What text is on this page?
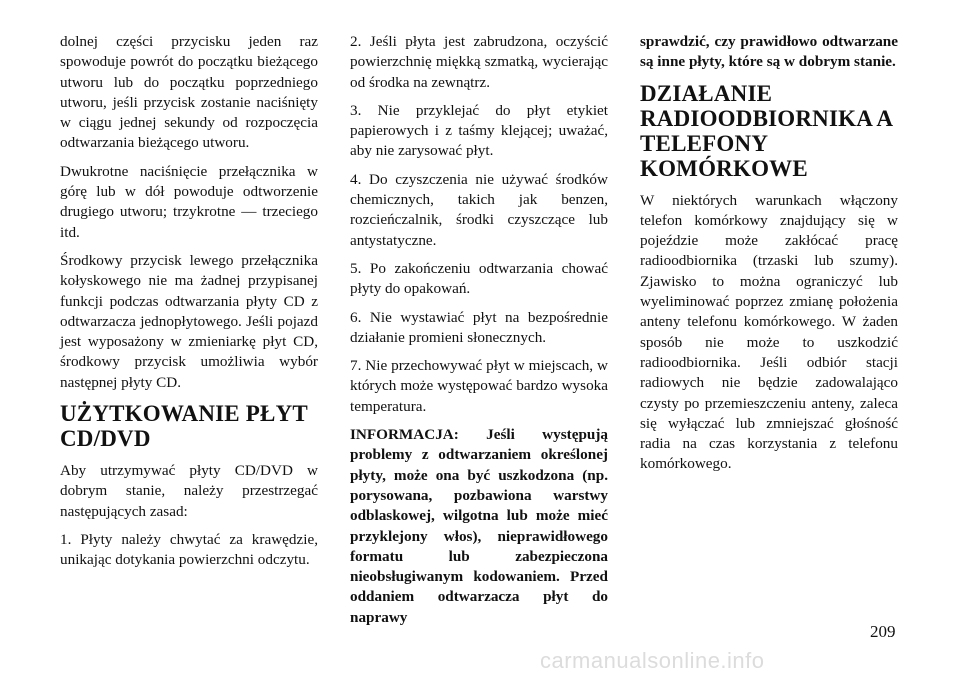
dolnej części przycisku jeden raz spowoduje powrót do początku bieżącego utworu lub do początku poprzedniego utworu, jeśli przycisk zostanie naciśnięty w ciągu jednej sekundy od rozpoczęcia odtwarzania bieżącego utworu.

Dwukrotne naciśnięcie przełącznika w górę lub w dół powoduje odtworzenie drugiego utworu; trzykrotne — trzeciego itd.

Środkowy przycisk lewego przełącznika kołyskowego nie ma żadnej przypisanej funkcji podczas odtwarzania płyty CD z odtwarzacza jednopłytowego. Jeśli pojazd jest wyposażony w zmieniarkę płyt CD, środkowy przycisk umożliwia wybór następnej płyty CD.

UŻYTKOWANIE PŁYT CD/DVD

Aby utrzymywać płyty CD/DVD w dobrym stanie, należy przestrzegać następujących zasad:

1. Płyty należy chwytać za krawędzie, unikając dotykania powierzchni odczytu.

2. Jeśli płyta jest zabrudzona, oczyścić powierzchnię miękką szmatką, wycierając od środka na zewnątrz.

3. Nie przyklejać do płyt etykiet papierowych i z taśmy klejącej; uważać, aby nie zarysować płyt.

4. Do czyszczenia nie używać środków chemicznych, takich jak benzen, rozcieńczalnik, środki czyszczące lub antystatyczne.

5. Po zakończeniu odtwarzania chować płyty do opakowań.

6. Nie wystawiać płyt na bezpośrednie działanie promieni słonecznych.

7. Nie przechowywać płyt w miejscach, w których może występować bardzo wysoka temperatura.

INFORMACJA: Jeśli występują problemy z odtwarzaniem określonej płyty, może ona być uszkodzona (np. porysowana, pozbawiona warstwy odblaskowej, wilgotna lub może mieć przyklejony włos), nieprawidłowego formatu lub zabezpieczona nieobsługiwanym kodowaniem. Przed oddaniem odtwarzacza płyt do naprawy

sprawdzić, czy prawidłowo odtwarzane są inne płyty, które są w dobrym stanie.

DZIAŁANIE RADIOODBIORNIKA A TELEFONY KOMÓRKOWE

W niektórych warunkach włączony telefon komórkowy znajdujący się w pojeździe może zakłócać pracę radioodbiornika (trzaski lub szumy). Zjawisko to można ograniczyć lub wyeliminować poprzez zmianę położenia anteny telefonu komórkowego. W żaden sposób nie może to uszkodzić radioodbiornika. Jeśli odbiór stacji radiowych nie będzie zadowalająco czysty po przemieszczeniu anteny, zaleca się wyłączać lub zmniejszać głośność radia na czas korzystania z telefonu komórkowego.

209

carmanualsonline.info
